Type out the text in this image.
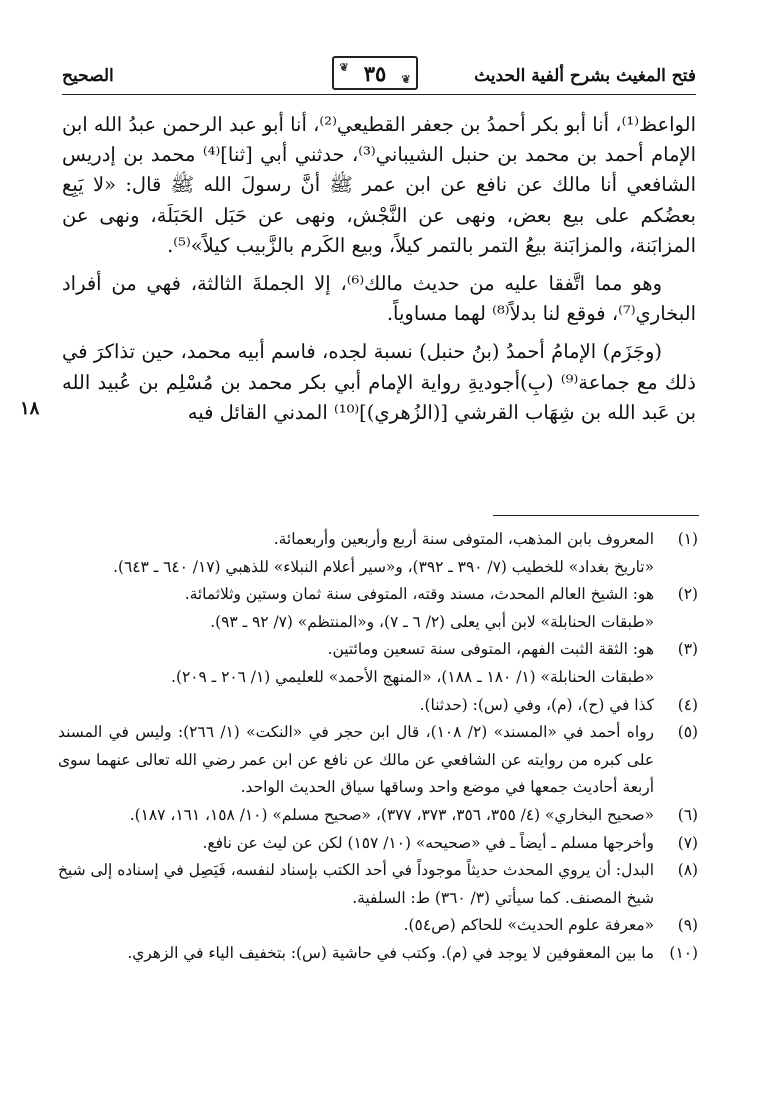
فتح المغيث بشرح ألفية الحديث
❦ ٣٥ ❦
الصحيح
١٨

الواعظ⁽¹⁾، أنا أبو بكر أحمدُ بن جعفر القطيعي⁽²⁾، أنا أبو عبد الرحمن عبدُ الله ابن الإمام أحمد بن محمد بن حنبل الشيباني⁽³⁾، حدثني أبي [ثنا]⁽⁴⁾ محمد بن إدريس الشافعي أنا مالك عن نافع عن ابن عمر ﷺ أنَّ رسولَ الله ﷺ قال: «لا يَبِع بعضُكم على بيع بعض، ونهى عن النَّجْش، ونهى عن حَبَل الحَبَلَة، ونهى عن المزابَنة، والمزابَنة بيعُ التمر بالتمر كيلاً، وبيع الكَرم بالزَّبيب كيلاً»⁽⁵⁾.

وهو مما اتَّفقا عليه من حديث مالك⁽⁶⁾، إلا الجملةَ الثالثة، فهي من أفراد البخاري⁽⁷⁾، فوقع لنا بدلاً⁽⁸⁾ لهما مساوياً.

(وجَزَم) الإمامُ أحمدُ (بنُ حنبل) نسبة لجده، فاسم أبيه محمد، حين تذاكرَ في ذلك مع جماعة⁽⁹⁾ (بِ)أجوديةِ رواية الإمام أبي بكر محمد بن مُسْلِم بن عُبيد الله بن عَبد الله بن شِهَاب القرشي [(الزُهري)]⁽¹⁰⁾ المدني القائل فيه

(١)
المعروف بابن المذهب، المتوفى سنة أربع وأربعين وأربعمائة.
«تاريخ بغداد» للخطيب (٧/ ٣٩٠ ـ ٣٩٢)، و«سير أعلام النبلاء» للذهبي (١٧/ ٦٤٠ ـ ٦٤٣).
(٢)
هو: الشيخ العالم المحدث، مسند وقته، المتوفى سنة ثمان وستين وثلاثمائة.
«طبقات الحنابلة» لابن أبي يعلى (٢/ ٦ ـ ٧)، و«المنتظم» (٧/ ٩٢ ـ ٩٣).
(٣)
هو: الثقة الثبت الفهم، المتوفى سنة تسعين ومائتين.
«طبقات الحنابلة» (١/ ١٨٠ ـ ١٨٨)، «المنهج الأحمد» للعليمي (١/ ٢٠٦ ـ ٢٠٩).
(٤)
كذا في (ح)، (م)، وفي (س): (حدثنا).
(٥)
رواه أحمد في «المسند» (٢/ ١٠٨)، قال ابن حجر في «النكت» (١/ ٢٦٦): وليس في المسند على كبره من روايته عن الشافعي عن مالك عن نافع عن ابن عمر رضي الله تعالى عنهما سوى أربعة أحاديث جمعها في موضع واحد وساقها سياق الحديث الواحد.
(٦)
«صحيح البخاري» (٤/ ٣٥٥، ٣٥٦، ٣٧٣، ٣٧٧)، «صحيح مسلم» (١٠/ ١٥٨، ١٦١، ١٨٧).
(٧)
وأخرجها مسلم ـ أيضاً ـ في «صحيحه» (١٠/ ١٥٧) لكن عن ليث عن نافع.
(٨)
البدل: أن يروي المحدث حديثاً موجوداً في أحد الكتب بإسناد لنفسه، فَيَصِل في إسناده إلى شيخ شيخ المصنف. كما سيأتي (٣/ ٣٦٠) ط: السلفية.
(٩)
«معرفة علوم الحديث» للحاكم (ص٥٤).
(١٠)
ما بين المعقوفين لا يوجد في (م). وكتب في حاشية (س): بتخفيف الياء في الزهري.
